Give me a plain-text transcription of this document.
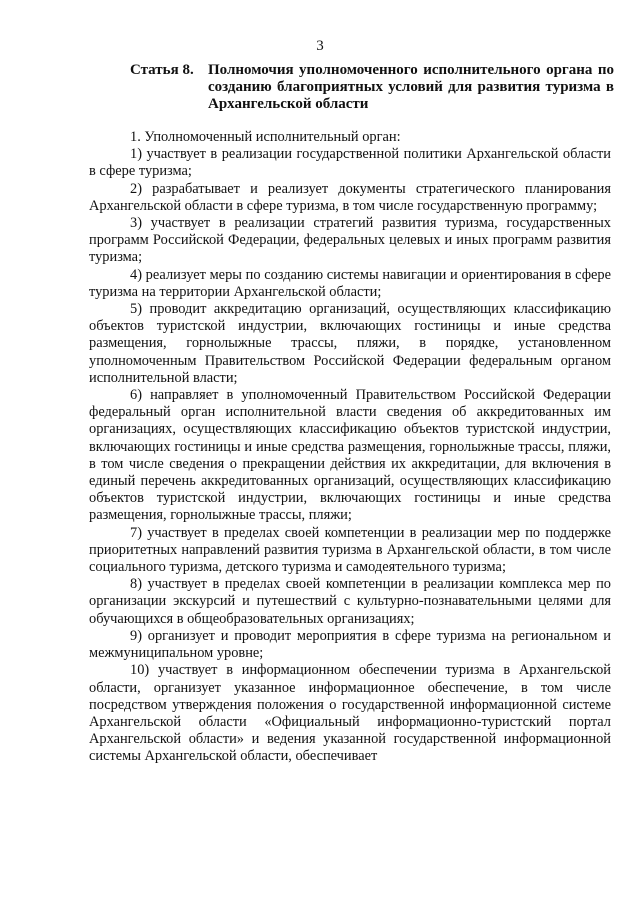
3
Статья 8. Полномочия уполномоченного исполнительного органа по созданию благоприятных условий для развития туризма в Архангельской области

1. Уполномоченный исполнительный орган:

1) участвует в реализации государственной политики Архангельской области в сфере туризма;

2) разрабатывает и реализует документы стратегического планирования Архангельской области в сфере туризма, в том числе государственную программу;

3) участвует в реализации стратегий развития туризма, государственных программ Российской Федерации, федеральных целевых и иных программ развития туризма;

4) реализует меры по созданию системы навигации и ориентирования в сфере туризма на территории Архангельской области;

5) проводит аккредитацию организаций, осуществляющих классификацию объектов туристской индустрии, включающих гостиницы и иные средства размещения, горнолыжные трассы, пляжи, в порядке, установленном уполномоченным Правительством Российской Федерации федеральным органом исполнительной власти;

6) направляет в уполномоченный Правительством Российской Федерации федеральный орган исполнительной власти сведения об аккредитованных им организациях, осуществляющих классификацию объектов туристской индустрии, включающих гостиницы и иные средства размещения, горнолыжные трассы, пляжи, в том числе сведения о прекращении действия их аккредитации, для включения в единый перечень аккредитованных организаций, осуществляющих классификацию объектов туристской индустрии, включающих гостиницы и иные средства размещения, горнолыжные трассы, пляжи;

7) участвует в пределах своей компетенции в реализации мер по поддержке приоритетных направлений развития туризма в Архангельской области, в том числе социального туризма, детского туризма и самодеятельного туризма;

8) участвует в пределах своей компетенции в реализации комплекса мер по организации экскурсий и путешествий с культурно-познавательными целями для обучающихся в общеобразовательных организациях;

9) организует и проводит мероприятия в сфере туризма на региональном и межмуниципальном уровне;

10) участвует в информационном обеспечении туризма в Архангельской области, организует указанное информационное обеспечение, в том числе посредством утверждения положения о государственной информационной системе Архангельской области «Официальный информационно-туристский портал Архангельской области» и ведения указанной государственной информационной системы Архангельской области, обеспечивает
